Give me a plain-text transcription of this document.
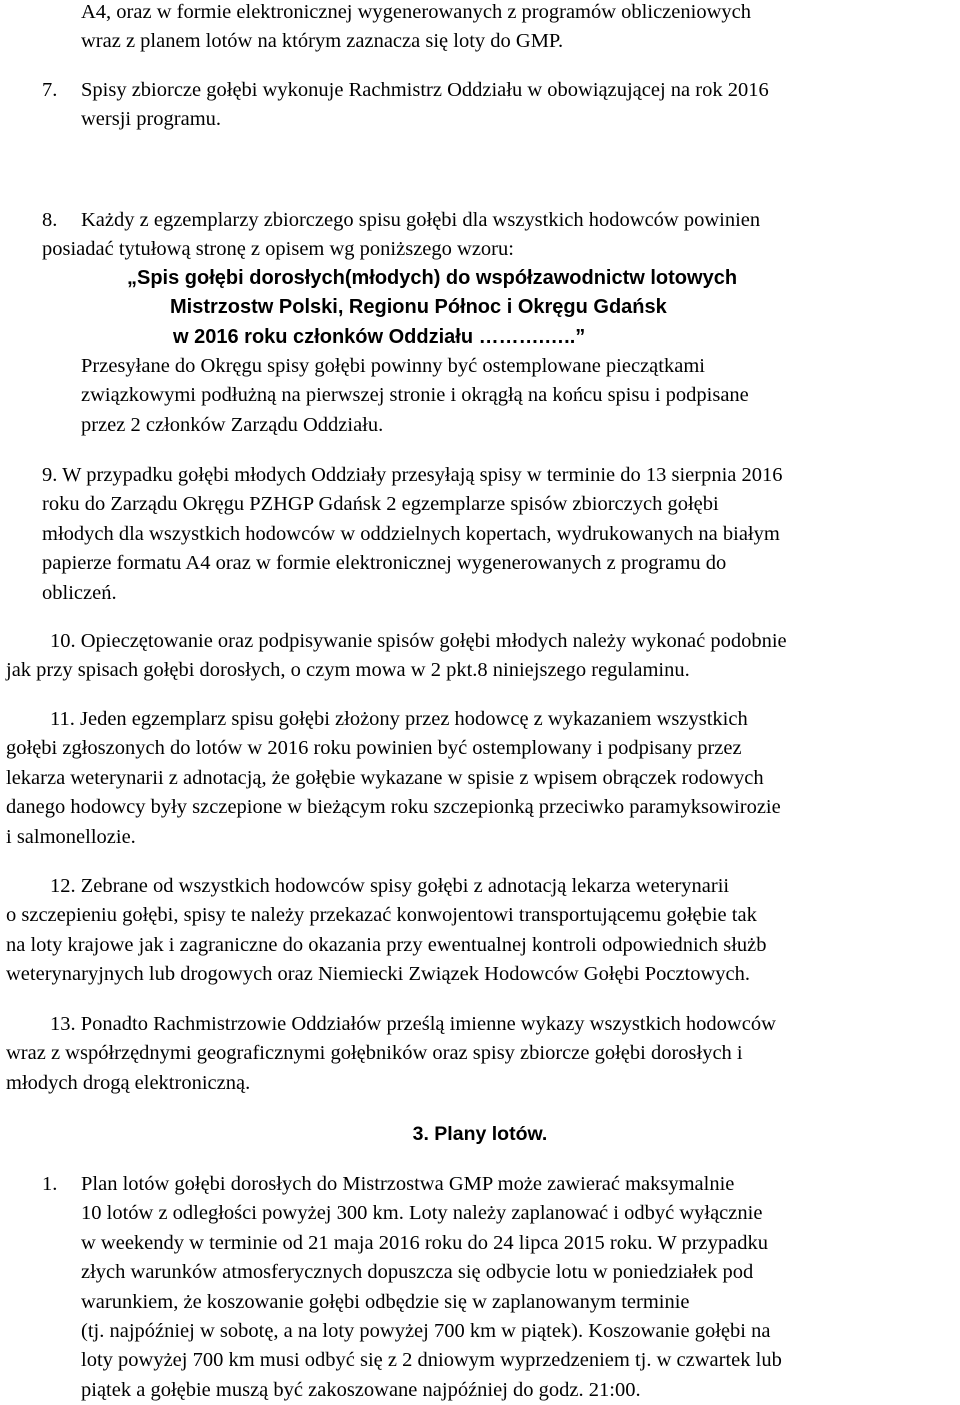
A4, oraz w formie elektronicznej wygenerowanych z programów obliczeniowych
wraz z planem lotów na którym zaznacza się loty do GMP.
7. Spisy zbiorcze gołębi wykonuje Rachmistrz Oddziału w obowiązującej na rok 2016
wersji programu.
8. Każdy z egzemplarzy zbiorczego spisu gołębi dla wszystkich hodowców powinien
posiadać tytułową stronę z opisem wg poniższego wzoru:
„Spis gołębi dorosłych(młodych) do współzawodnictw lotowych
Mistrzostw Polski, Regionu Północ i Okręgu Gdańsk
w 2016 roku członków Oddziału ……….…..”
Przesyłane do Okręgu spisy gołębi powinny być ostemplowane pieczątkami
związkowymi podłużną na pierwszej stronie i okrągłą na końcu spisu i podpisane
przez 2 członków Zarządu Oddziału.
9. W przypadku gołębi młodych Oddziały przesyłają spisy w terminie do 13 sierpnia 2016
roku do Zarządu Okręgu PZHGP Gdańsk 2 egzemplarze spisów zbiorczych gołębi
młodych dla wszystkich hodowców w oddzielnych kopertach, wydrukowanych na białym
papierze formatu A4 oraz w formie elektronicznej wygenerowanych z programu do
obliczeń.
10. Opieczętowanie oraz podpisywanie spisów gołębi młodych należy wykonać podobnie
jak przy spisach gołębi dorosłych, o czym mowa w 2 pkt.8 niniejszego regulaminu.
11. Jeden egzemplarz spisu gołębi złożony przez hodowcę z wykazaniem wszystkich
gołębi zgłoszonych do lotów w 2016 roku powinien być ostemplowany i podpisany przez
lekarza weterynarii z adnotacją, że gołębie wykazane w spisie z wpisem obrączek rodowych
danego hodowcy były szczepione w bieżącym roku szczepionką przeciwko paramyksowirozie
i salmonellozie.
12. Zebrane od wszystkich hodowców spisy gołębi z adnotacją lekarza weterynarii
o szczepieniu gołębi, spisy te należy przekazać konwojentowi transportującemu gołębie tak
na loty krajowe jak i zagraniczne do okazania przy ewentualnej kontroli odpowiednich służb
weterynaryjnych lub drogowych oraz Niemiecki Związek Hodowców Gołębi Pocztowych.
13. Ponadto Rachmistrzowie Oddziałów prześlą imienne wykazy wszystkich hodowców
wraz z współrzędnymi geograficznymi gołębników oraz spisy zbiorcze gołębi dorosłych i
młodych drogą elektroniczną.
3. Plany lotów.
1. Plan lotów gołębi dorosłych do Mistrzostwa GMP może zawierać maksymalnie
10 lotów z odległości powyżej 300 km. Loty należy zaplanować i odbyć wyłącznie
w weekendy w terminie od 21 maja 2016 roku do 24 lipca 2015 roku. W przypadku
złych warunków atmosferycznych dopuszcza się odbycie lotu w poniedziałek pod
warunkiem, że koszowanie gołębi odbędzie się w zaplanowanym terminie
(tj. najpóźniej w sobotę, a na loty powyżej 700 km w piątek). Koszowanie gołębi na
loty powyżej 700 km musi odbyć się z 2 dniowym wyprzedzeniem tj. w czwartek lub
piątek a gołębie muszą być zakoszowane najpóźniej do godz. 21:00.
